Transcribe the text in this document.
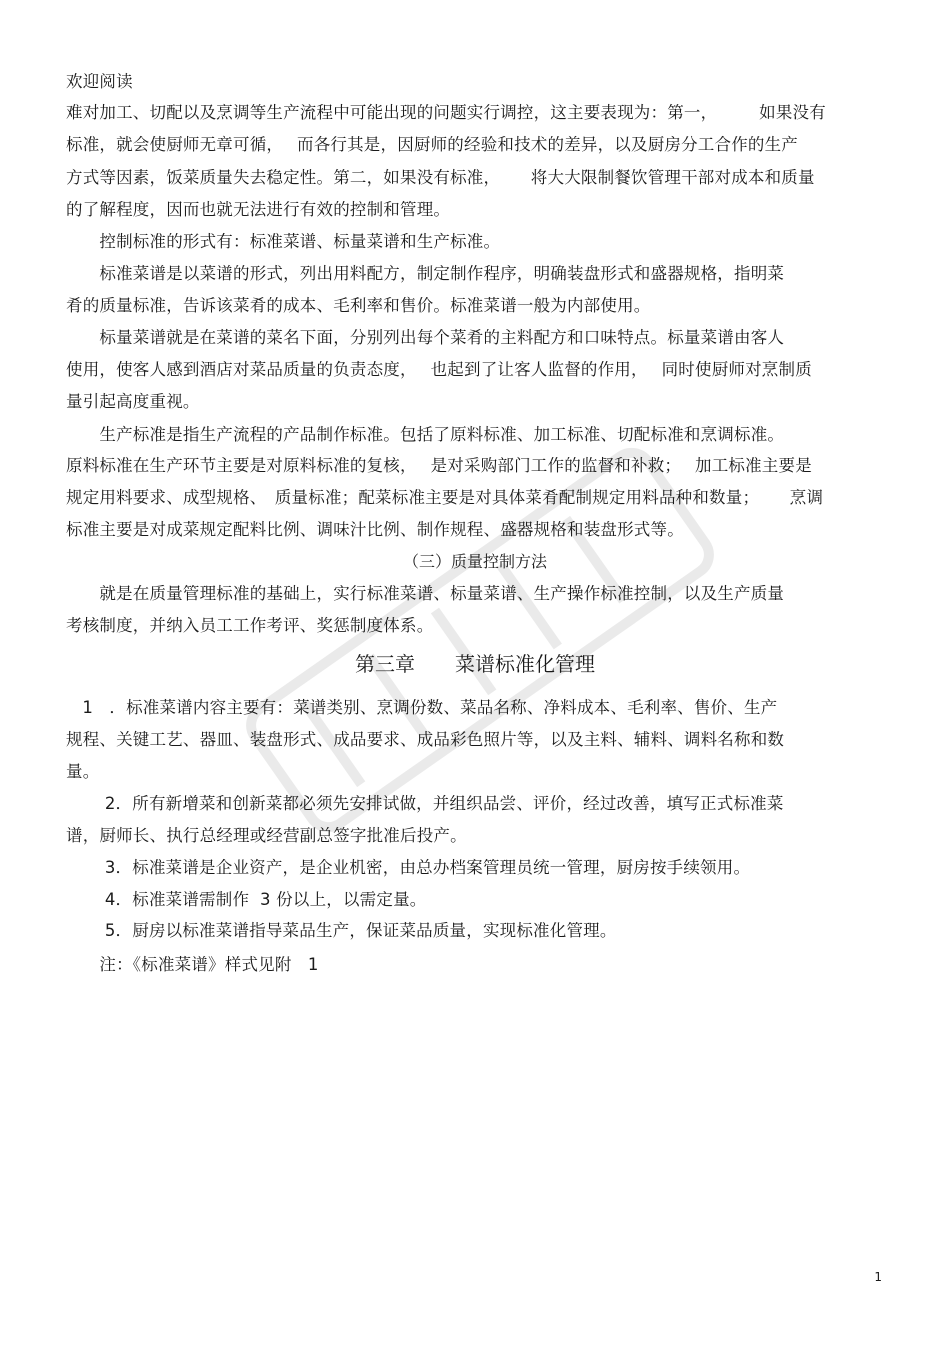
欢迎阅读
难对加工、切配以及烹调等生产流程中可能出现的问题实行调控，这主要表现为：第一，　　　如果没有
标准，就会使厨师无章可循，　 而各行其是，因厨师的经验和技术的差异，以及厨房分工合作的生产
方式等因素，饭菜质量失去稳定性。第二，如果没有标准，　　 将大大限制餐饮管理干部对成本和质量
的了解程度，因而也就无法进行有效的控制和管理。
　　控制标准的形式有：标准菜谱、标量菜谱和生产标准。
　　标准菜谱是以菜谱的形式，列出用料配方，制定制作程序，明确装盘形式和盛器规格，指明菜
肴的质量标准，告诉该菜肴的成本、毛利率和售价。标准菜谱一般为内部使用。
　　标量菜谱就是在菜谱的菜名下面，分别列出每个菜肴的主料配方和口味特点。标量菜谱由客人
使用，使客人感到酒店对菜品质量的负责态度，　 也起到了让客人监督的作用，　 同时使厨师对烹制质
量引起高度重视。
　　生产标准是指生产流程的产品制作标准。包括了原料标准、加工标准、切配标准和烹调标准。
原料标准在生产环节主要是对原料标准的复核，　 是对采购部门工作的监督和补救；　 加工标准主要是
规定用料要求、成型规格、　质量标准；配菜标准主要是对具体菜肴配制规定用料品种和数量；　　 烹调
标准主要是对成菜规定配料比例、调味汁比例、制作规程、盛器规格和装盘形式等。
（三）质量控制方法
　　就是在质量管理标准的基础上，实行标准菜谱、标量菜谱、生产操作标准控制，以及生产质量
考核制度，并纳入员工工作考评、奖惩制度体系。
第三章　　菜谱标准化管理
1   ．标准菜谱内容主要有：菜谱类别、烹调份数、菜品名称、净料成本、毛利率、售价、生产
规程、关键工艺、器皿、装盘形式、成品要求、成品彩色照片等，以及主料、辅料、调料名称和数
量。
　　 2．所有新增菜和创新菜都必须先安排试做，并组织品尝、评价，经过改善，填写正式标准菜
谱，厨师长、执行总经理或经营副总签字批准后投产。
　　 3．标准菜谱是企业资产，是企业机密，由总办档案管理员统一管理，厨房按手续领用。
　　 4．标准菜谱需制作  3 份以上，以需定量。
　　 5．厨房以标准菜谱指导菜品生产，保证菜品质量，实现标准化管理。
　　注：《标准菜谱》样式见附   1
1
